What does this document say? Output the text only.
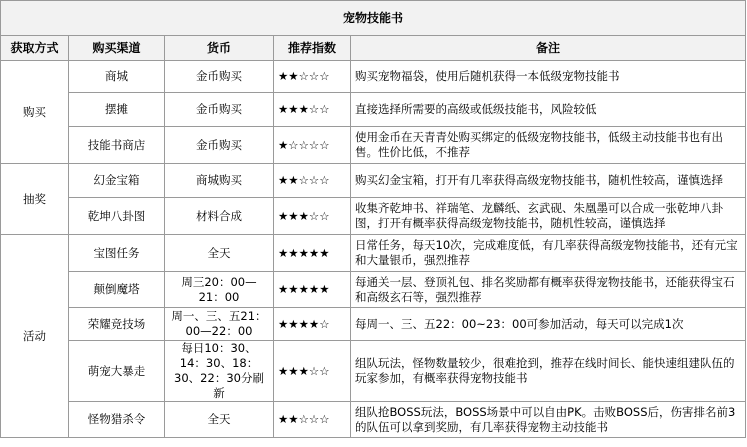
宠物技能书				
获取方式	购买渠道	货币	推荐指数	备注
购买	商城	金币购买	★★☆☆☆	购买宠物福袋，使用后随机获得一本低级宠物技能书
	摆摊	金币购买	★★★☆☆	直接选择所需要的高级或低级技能书，风险较低
	技能书商店	金币购买	★☆☆☆☆	使用金币在天青青处购买绑定的低级宠物技能书，低级主动技能书也有出售。性价比低，不推荐
抽奖	幻金宝箱	商城购买	★★☆☆☆	购买幻金宝箱，打开有几率获得高级宠物技能书，随机性较高，谨慎选择
	乾坤八卦图	材料合成	★★★☆☆	收集齐乾坤书、祥瑞笔、龙麟纸、玄武砚、朱凰墨可以合成一张乾坤八卦图，打开有概率获得高级宠物技能书，随机性较高，谨慎选择
活动	宝图任务	全天	★★★★★	日常任务，每天10次，完成难度低，有几率获得高级宠物技能书，还有元宝和大量银币，强烈推荐
	颠倒魔塔	周三20：00—21：00	★★★★★	每通关一层、登顶礼包、排名奖励都有概率获得宠物技能书，还能获得宝石和高级玄石等，强烈推荐
	荣耀竞技场	周一、三、五21：00—22：00	★★★★☆	每周一、三、五22：00~23：00可参加活动，每天可以完成1次
	萌宠大暴走	每日10：30、14：30、18：30、22：30分刷新	★★★☆☆	组队玩法，怪物数量较少，很难抢到，推荐在线时间长、能快速组建队伍的玩家参加，有概率获得宠物技能书
	怪物猎杀令	全天	★★☆☆☆	组队抢BOSS玩法，BOSS场景中可以自由PK。击败BOSS后，伤害排名前3的队伍可以拿到奖励，有几率获得宠物主动技能书
